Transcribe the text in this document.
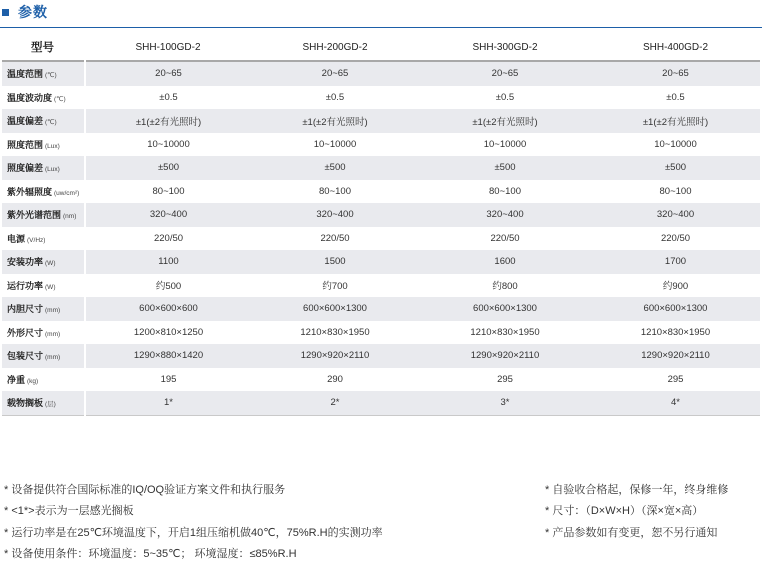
参数
型号	SHH-100GD-2	SHH-200GD-2	SHH-300GD-2	SHH-400GD-2
温度范围 (℃)	20~65	20~65	20~65	20~65
温度波动度 (℃)	±0.5	±0.5	±0.5	±0.5
温度偏差 (℃)	±1(±2有光照时)	±1(±2有光照时)	±1(±2有光照时)	±1(±2有光照时)
照度范围 (Lux)	10~10000	10~10000	10~10000	10~10000
照度偏差 (Lux)	±500	±500	±500	±500
紫外辐照度 (uw/cm²)	80~100	80~100	80~100	80~100
紫外光谱范围 (nm)	320~400	320~400	320~400	320~400
电源 (V/Hz)	220/50	220/50	220/50	220/50
安装功率 (W)	1100	1500	1600	1700
运行功率 (W)	约500	约700	约800	约900
内胆尺寸 (mm)	600×600×600	600×600×1300	600×600×1300	600×600×1300
外形尺寸 (mm)	1200×810×1250	1210×830×1950	1210×830×1950	1210×830×1950
包装尺寸 (mm)	1290×880×1420	1290×920×2110	1290×920×2110	1290×920×2110
净重 (kg)	195	290	295	295
载物搁板 (层)	1*	2*	3*	4*
* 设备提供符合国际标准的IQ/OQ验证方案文件和执行服务
* <1*>表示为一层感光搁板
* 运行功率是在25℃环境温度下，开启1组压缩机做40℃，75%R.H的实测功率
* 设备使用条件：环境温度：5~35℃； 环境湿度：≤85%R.H
* 自验收合格起，保修一年，终身维修
* 尺寸：（D×W×H）（深×宽×高）
* 产品参数如有变更，恕不另行通知
